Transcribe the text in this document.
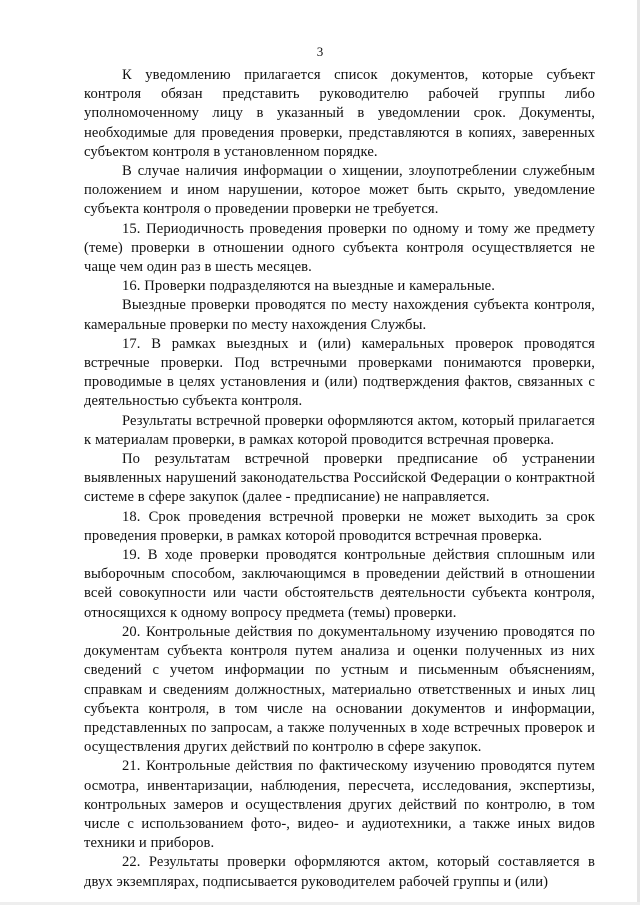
3

К уведомлению прилагается список документов, которые субъект контроля обязан представить руководителю рабочей группы либо уполномоченному лицу в указанный в уведомлении срок. Документы, необходимые для проведения проверки, представляются в копиях, заверенных субъектом контроля в установленном порядке.

В случае наличия информации о хищении, злоупотреблении служебным положением и ином нарушении, которое может быть скрыто, уведомление субъекта контроля о проведении проверки не требуется.

15. Периодичность проведения проверки по одному и тому же предмету (теме) проверки в отношении одного субъекта контроля осуществляется не чаще чем один раз в шесть месяцев.

16. Проверки подразделяются на выездные и камеральные.

Выездные проверки проводятся по месту нахождения субъекта контроля, камеральные проверки по месту нахождения Службы.

17. В рамках выездных и (или) камеральных проверок проводятся встречные проверки. Под встречными проверками понимаются проверки, проводимые в целях установления и (или) подтверждения фактов, связанных с деятельностью субъекта контроля.

Результаты встречной проверки оформляются актом, который прилагается к материалам проверки, в рамках которой проводится встречная проверка.

По результатам встречной проверки предписание об устранении выявленных нарушений законодательства Российской Федерации о контрактной системе в сфере закупок (далее - предписание) не направляется.

18. Срок проведения встречной проверки не может выходить за срок проведения проверки, в рамках которой проводится встречная проверка.

19. В ходе проверки проводятся контрольные действия сплошным или выборочным способом, заключающимся в проведении действий в отношении всей совокупности или части обстоятельств деятельности субъекта контроля, относящихся к одному вопросу предмета (темы) проверки.

20. Контрольные действия по документальному изучению проводятся по документам субъекта контроля путем анализа и оценки полученных из них сведений с учетом информации по устным и письменным объяснениям, справкам и сведениям должностных, материально ответственных и иных лиц субъекта контроля, в том числе на основании документов и информации, представленных по запросам, а также полученных в ходе встречных проверок и осуществления других действий по контролю в сфере закупок.

21. Контрольные действия по фактическому изучению проводятся путем осмотра, инвентаризации, наблюдения, пересчета, исследования, экспертизы, контрольных замеров и осуществления других действий по контролю, в том числе с использованием фото-, видео- и аудиотехники, а также иных видов техники и приборов.

22. Результаты проверки оформляются актом, который составляется в двух экземплярах, подписывается руководителем рабочей группы и (или)
